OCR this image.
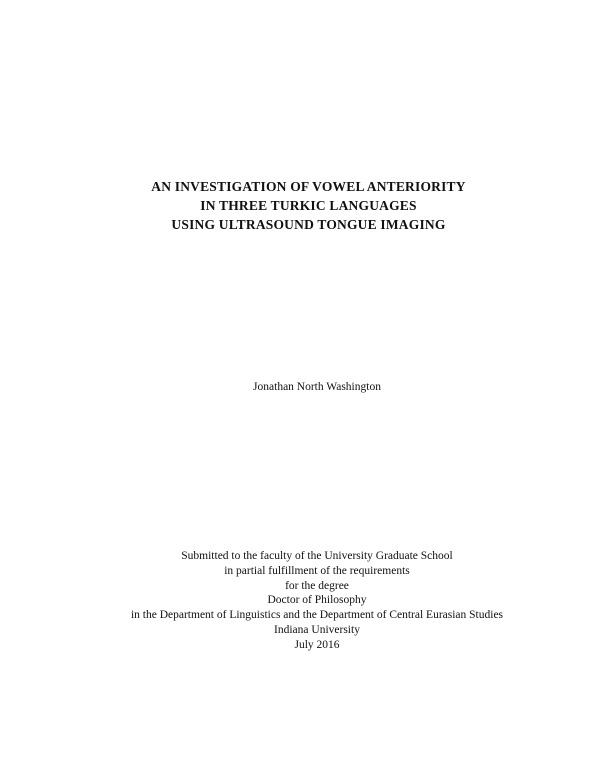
AN INVESTIGATION OF VOWEL ANTERIORITY
IN THREE TURKIC LANGUAGES
USING ULTRASOUND TONGUE IMAGING
Jonathan North Washington
Submitted to the faculty of the University Graduate School
in partial fulfillment of the requirements
for the degree
Doctor of Philosophy
in the Department of Linguistics and the Department of Central Eurasian Studies
Indiana University
July 2016
